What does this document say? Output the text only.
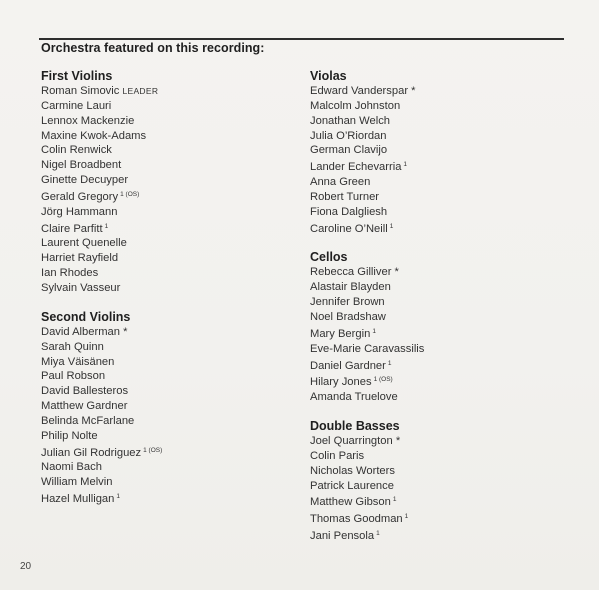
Orchestra featured on this recording:
First Violins
Roman Simovic LEADER
Carmine Lauri
Lennox Mackenzie
Maxine Kwok-Adams
Colin Renwick
Nigel Broadbent
Ginette Decuyper
Gerald Gregory $^{1 (OS)}$
Jörg Hammann
Claire Parfitt $^1$
Laurent Quenelle
Harriet Rayfield
Ian Rhodes
Sylvain Vasseur
Second Violins
David Alberman *
Sarah Quinn
Miya Väisänen
Paul Robson
David Ballesteros
Matthew Gardner
Belinda McFarlane
Philip Nolte
Julian Gil Rodriguez $^{1 (OS)}$
Naomi Bach
William Melvin
Hazel Mulligan $^1$
Violas
Edward Vanderspar *
Malcolm Johnston
Jonathan Welch
Julia O’Riordan
German Clavijo
Lander Echevarria $^1$
Anna Green
Robert Turner
Fiona Dalgliesh
Caroline O’Neill $^1$
Cellos
Rebecca Gilliver *
Alastair Blayden
Jennifer Brown
Noel Bradshaw
Mary Bergin $^1$
Eve-Marie Caravassilis
Daniel Gardner $^1$
Hilary Jones $^{1 (OS)}$
Amanda Truelove
Double Basses
Joel Quarrington *
Colin Paris
Nicholas Worters
Patrick Laurence
Matthew Gibson $^1$
Thomas Goodman $^1$
Jani Pensola $^1$
20
